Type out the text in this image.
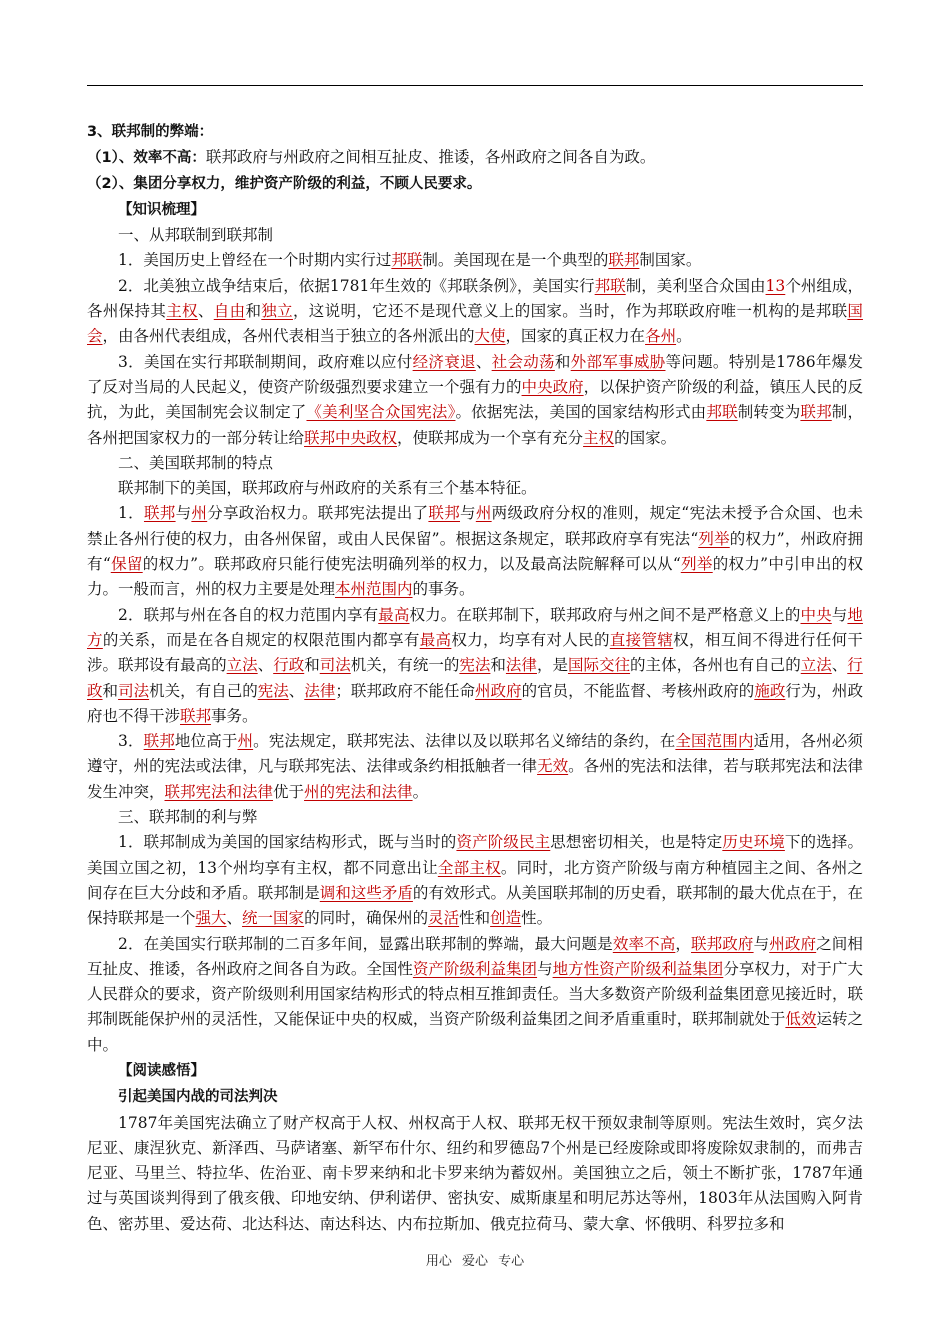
3、联邦制的弊端：

（1）、效率不高：联邦政府与州政府之间相互扯皮、推诿，各州政府之间各自为政。

（2）、集团分享权力，维护资产阶级的利益，不顾人民要求。

【知识梳理】

一、从邦联制到联邦制

1．美国历史上曾经在一个时期内实行过邦联制。美国现在是一个典型的联邦制国家。

2．北美独立战争结束后，依据1781年生效的《邦联条例》，美国实行邦联制，美利坚合众国由13个州组成，各州保持其主权、自由和独立，这说明，它还不是现代意义上的国家。当时，作为邦联政府唯一机构的是邦联国会，由各州代表组成，各州代表相当于独立的各州派出的大使，国家的真正权力在各州。

3．美国在实行邦联制期间，政府难以应付经济衰退、社会动荡和外部军事威胁等问题。特别是1786年爆发了反对当局的人民起义，使资产阶级强烈要求建立一个强有力的中央政府，以保护资产阶级的利益，镇压人民的反抗，为此，美国制宪会议制定了《美利坚合众国宪法》。依据宪法，美国的国家结构形式由邦联制转变为联邦制，各州把国家权力的一部分转让给联邦中央政权，使联邦成为一个享有充分主权的国家。

二、美国联邦制的特点

联邦制下的美国，联邦政府与州政府的关系有三个基本特征。

1．联邦与州分享政治权力。联邦宪法提出了联邦与州两级政府分权的准则，规定“宪法未授予合众国、也未禁止各州行使的权力，由各州保留，或由人民保留”。根据这条规定，联邦政府享有宪法“列举的权力”，州政府拥有“保留的权力”。联邦政府只能行使宪法明确列举的权力，以及最高法院解释可以从“列举的权力”中引申出的权力。一般而言，州的权力主要是处理本州范围内的事务。

2．联邦与州在各自的权力范围内享有最高权力。在联邦制下，联邦政府与州之间不是严格意义上的中央与地方的关系，而是在各自规定的权限范围内都享有最高权力，均享有对人民的直接管辖权，相互间不得进行任何干涉。联邦设有最高的立法、行政和司法机关，有统一的宪法和法律，是国际交往的主体，各州也有自己的立法、行政和司法机关，有自己的宪法、法律；联邦政府不能任命州政府的官员，不能监督、考核州政府的施政行为，州政府也不得干涉联邦事务。

3．联邦地位高于州。宪法规定，联邦宪法、法律以及以联邦名义缔结的条约，在全国范围内适用，各州必须遵守，州的宪法或法律，凡与联邦宪法、法律或条约相抵触者一律无效。各州的宪法和法律，若与联邦宪法和法律发生冲突，联邦宪法和法律优于州的宪法和法律。

三、联邦制的利与弊

1．联邦制成为美国的国家结构形式，既与当时的资产阶级民主思想密切相关，也是特定历史环境下的选择。美国立国之初，13个州均享有主权，都不同意出让全部主权。同时，北方资产阶级与南方种植园主之间、各州之间存在巨大分歧和矛盾。联邦制是调和这些矛盾的有效形式。从美国联邦制的历史看，联邦制的最大优点在于，在保持联邦是一个强大、统一国家的同时，确保州的灵活性和创造性。

2．在美国实行联邦制的二百多年间，显露出联邦制的弊端，最大问题是效率不高，联邦政府与州政府之间相互扯皮、推诿，各州政府之间各自为政。全国性资产阶级利益集团与地方性资产阶级利益集团分享权力，对于广大人民群众的要求，资产阶级则利用国家结构形式的特点相互推卸责任。当大多数资产阶级利益集团意见接近时，联邦制既能保护州的灵活性，又能保证中央的权威，当资产阶级利益集团之间矛盾重重时，联邦制就处于低效运转之中。

【阅读感悟】

引起美国内战的司法判决

1787年美国宪法确立了财产权高于人权、州权高于人权、联邦无权干预奴隶制等原则。宪法生效时，宾夕法尼亚、康涅狄克、新泽西、马萨诸塞、新罕布什尔、纽约和罗德岛7个州是已经废除或即将废除奴隶制的，而弗吉尼亚、马里兰、特拉华、佐治亚、南卡罗来纳和北卡罗来纳为蓄奴州。美国独立之后，领土不断扩张，1787年通过与英国谈判得到了俄亥俄、印地安纳、伊利诺伊、密执安、威斯康星和明尼苏达等州，1803年从法国购入阿肯色、密苏里、爱达荷、北达科达、南达科达、内布拉斯加、俄克拉荷马、蒙大拿、怀俄明、科罗拉多和

用心 爱心 专心
